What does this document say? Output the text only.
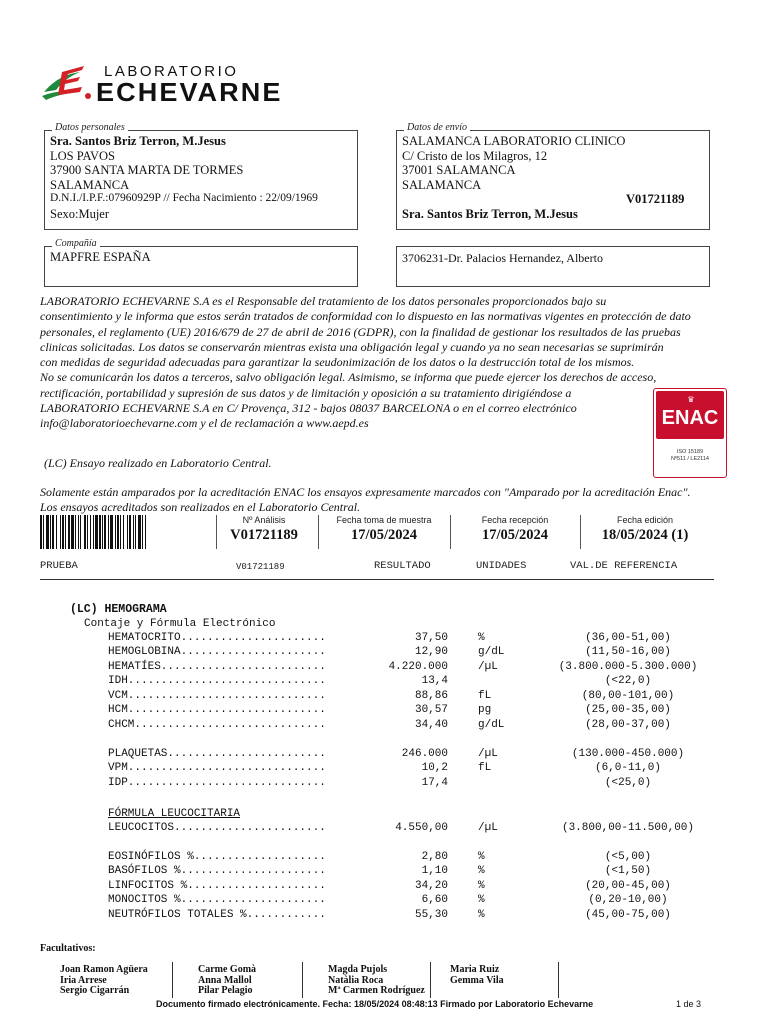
LABORATORIO
ECHEVARNE
Datos personales
Sra. Santos Briz Terron, M.Jesus
LOS PAVOS
37900 SANTA MARTA DE TORMES
SALAMANCA
D.N.I./I.P.F.:07960929P // Fecha Nacimiento : 22/09/1969
Sexo:Mujer
Datos de envío
SALAMANCA LABORATORIO CLINICO
C/ Cristo de los Milagros, 12
37001 SALAMANCA
SALAMANCA
V01721189
Sra. Santos Briz Terron, M.Jesus
Compañía
MAPFRE ESPAÑA	3706231-Dr. Palacios Hernandez, Alberto
LABORATORIO ECHEVARNE S.A es el Responsable del tratamiento de los datos personales proporcionados bajo su
consentimiento y le informa que estos serán tratados de conformidad con lo dispuesto en las normativas vigentes en protección de dato
personales, el reglamento (UE) 2016/679 de 27 de abril de 2016 (GDPR), con la finalidad de gestionar los resultados de las pruebas
clinicas solicitadas. Los datos se conservarán mientras exista una obligación legal y cuando ya no sean necesarias se suprimirán
con medidas de seguridad adecuadas para garantizar la seudonimización de los datos o la destrucción total de los mismos.
No se comunicarán los datos a terceros, salvo obligación legal. Asimismo, se informa que puede ejercer los derechos de acceso,
rectificación, portabilidad y supresión de sus datos y de limitación y oposición a su tratamiento dirigiéndose a
LABORATORIO ECHEVARNE S.A en C/ Provença, 312 - bajos 08037 BARCELONA o en el correo electrónico
info@laboratorioechevarne.com y el de reclamación a www.aepd.es
♛
ENAC
ISO 15189
Nº511 / LE2114
(LC) Ensayo realizado en Laboratorio Central.
Solamente están amparados por la acreditación ENAC los ensayos expresamente marcados con "Amparado por la acreditación Enac".
Los ensayos acreditados son realizados en el Laboratorio Central.
Nº Análisis
V01721189
Fecha toma de muestra
17/05/2024
Fecha recepción
17/05/2024
Fecha edición
18/05/2024 (1)
PRUEBA	V01721189	RESULTADO	UNIDADES	VAL.DE REFERENCIA
(LC) HEMOGRAMA
Contaje y Fórmula Electrónico
HEMATOCRITO......................	37,50	%	(36,00-51,00)
HEMOGLOBINA......................	12,90	g/dL	(11,50-16,00)
HEMATÍES.........................	4.220.000	/µL	(3.800.000-5.300.000)
IDH..............................	13,4	(<22,0)
VCM..............................	88,86	fL	(80,00-101,00)
HCM..............................	30,57	pg	(25,00-35,00)
CHCM.............................	34,40	g/dL	(28,00-37,00)
PLAQUETAS........................	246.000	/µL	(130.000-450.000)
VPM..............................	10,2	fL	(6,0-11,0)
IDP..............................	17,4	(<25,0)
LEUCOCITOS.......................	4.550,00	/µL	(3.800,00-11.500,00)
EOSINÓFILOS %....................	2,80	%	(<5,00)
BASÓFILOS %......................	1,10	%	(<1,50)
LINFOCITOS %.....................	34,20	%	(20,00-45,00)
MONOCITOS %......................	6,60	%	(0,20-10,00)
NEUTRÓFILOS TOTALES %............	55,30	%	(45,00-75,00)
FÓRMULA LEUCOCITARIA
Facultativos:
Joan Ramon Agüera
Iria Arrese
Sergio Cigarrán
Carme Gomà
Anna Mallol
Pilar Pelagio
Magda Pujols
Natàlia Roca
Mª Carmen Rodríguez
Maria Ruiz
Gemma Vila
Documento firmado electrónicamente. Fecha: 18/05/2024 08:48:13 Firmado por Laboratorio Echevarne	1 de 3
